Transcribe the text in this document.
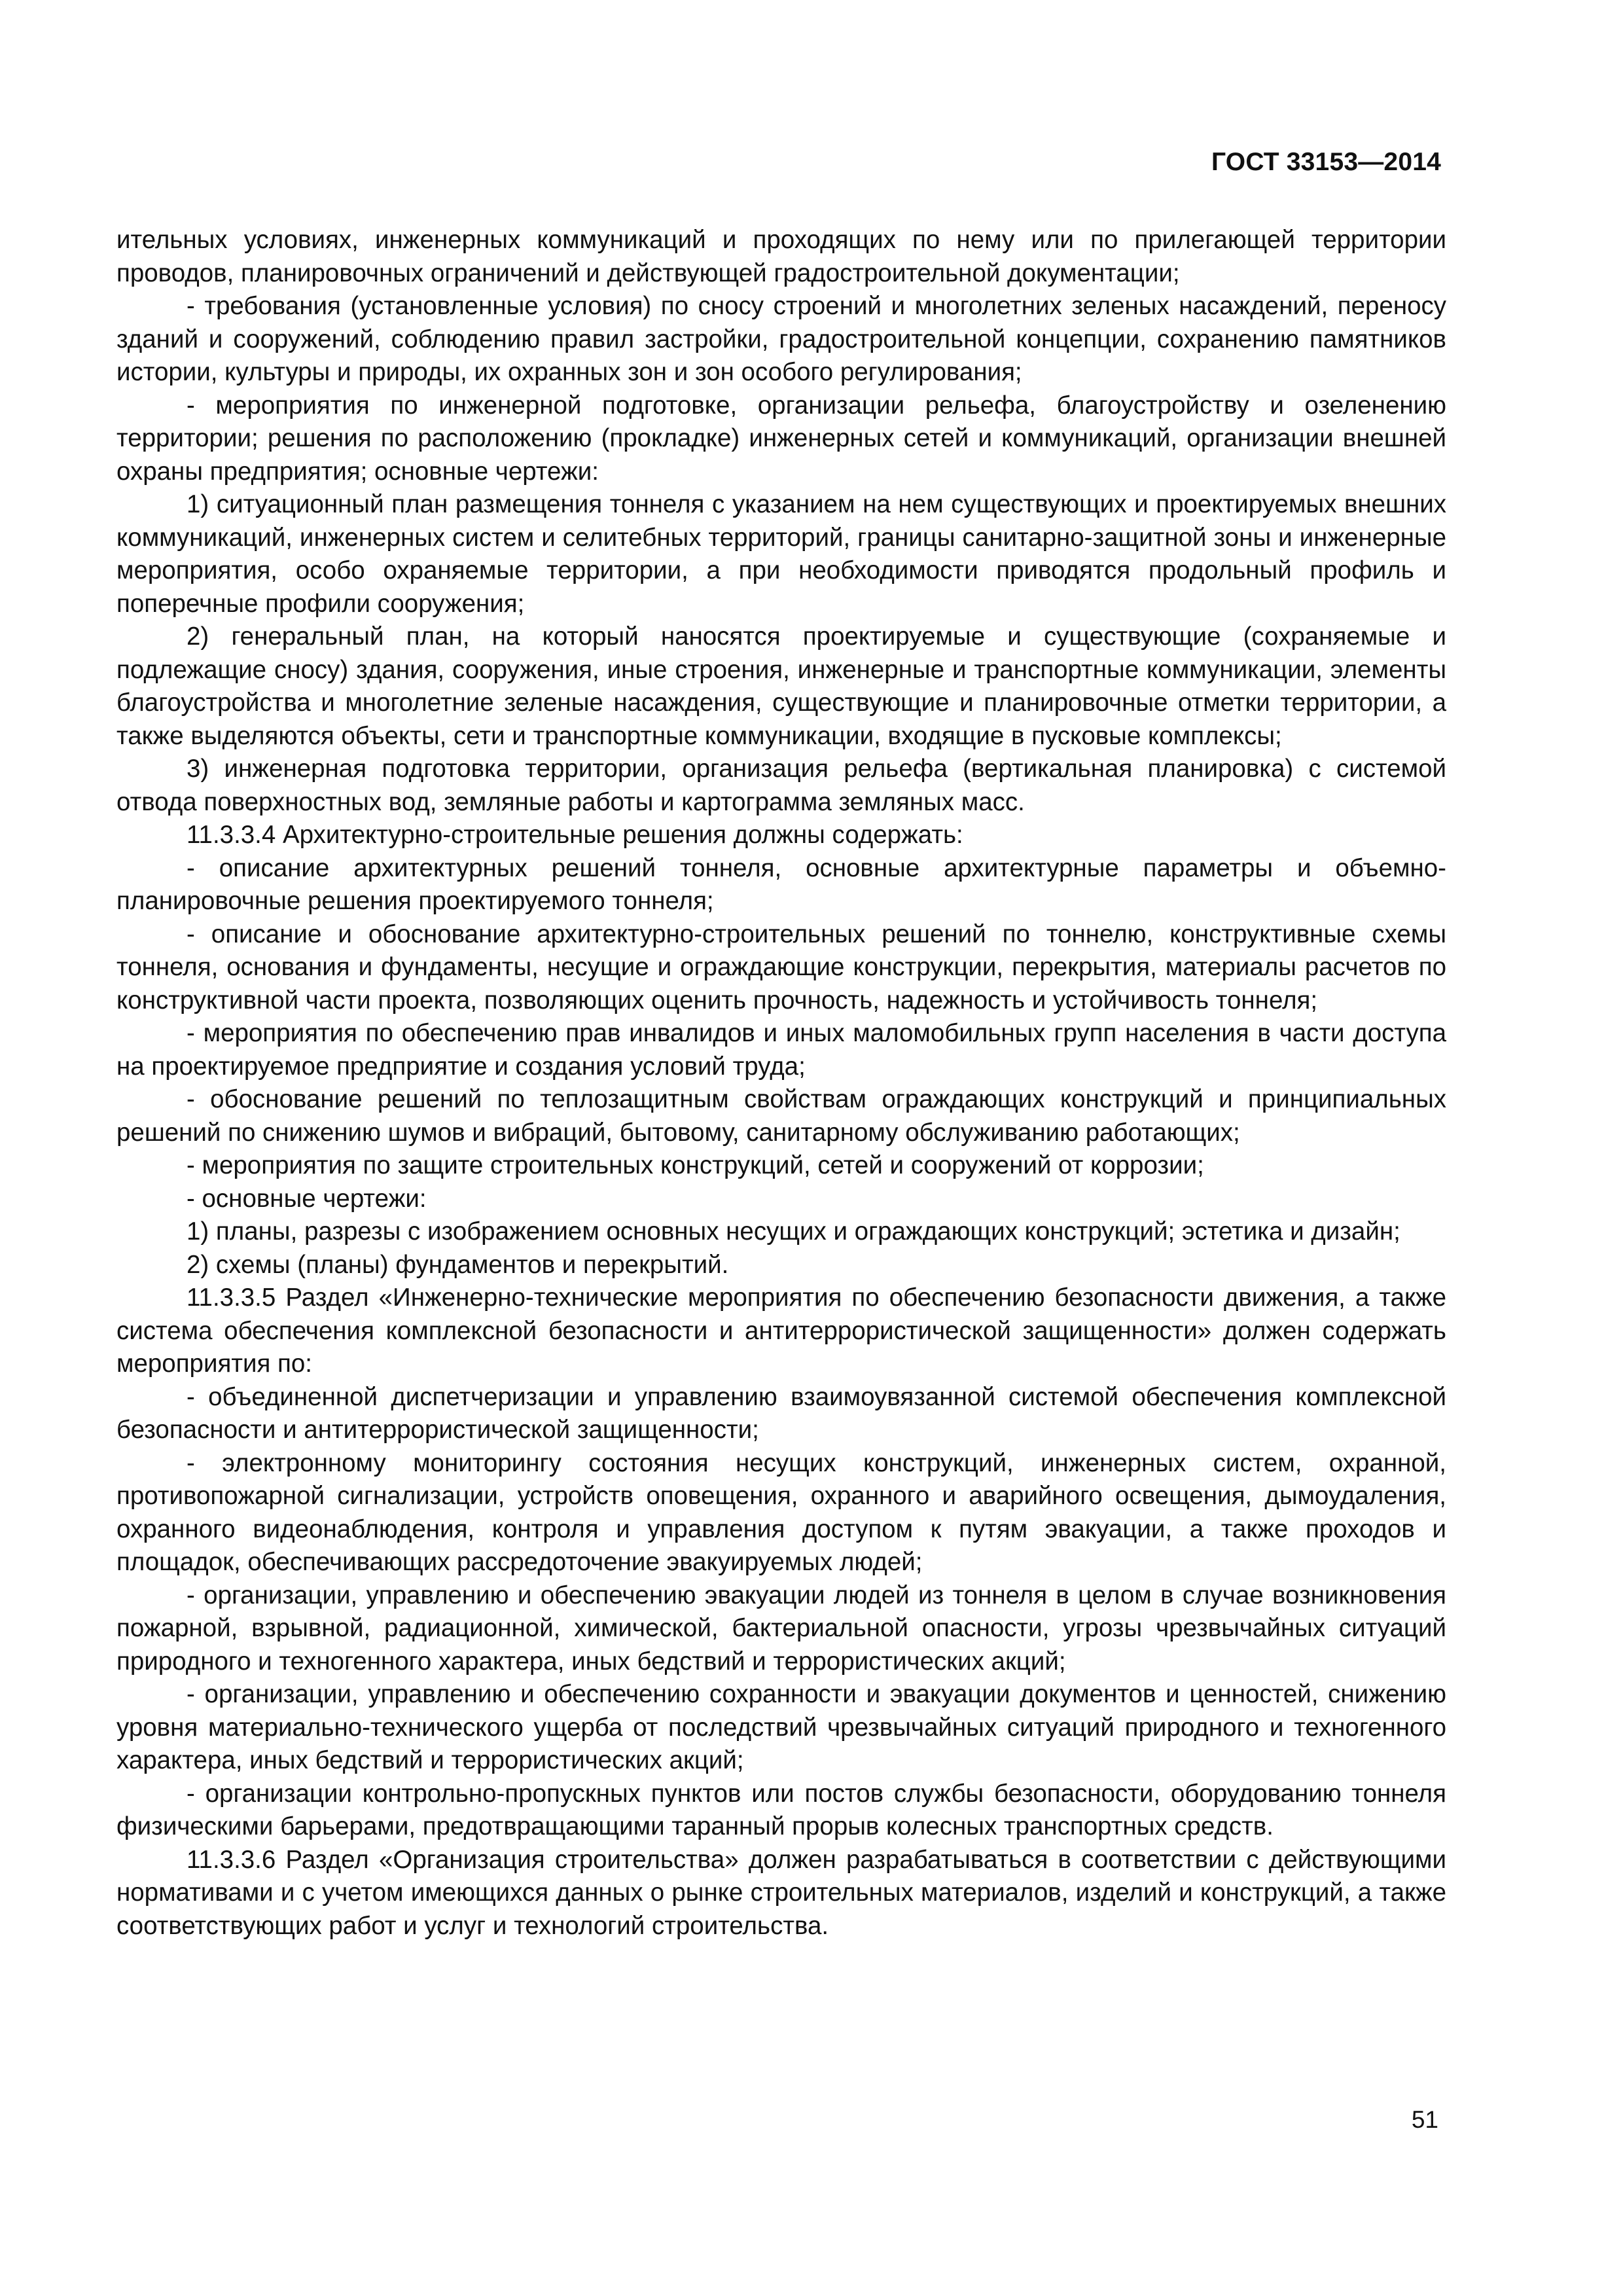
ГОСТ 33153—2014

ительных условиях, инженерных коммуникаций и проходящих по нему или по прилегающей территории проводов, планировочных ограничений и действующей градостроительной документации;

- требования (установленные условия) по сносу строений и многолетних зеленых насаждений, переносу зданий и сооружений, соблюдению правил застройки, градостроительной концепции, сохранению памятников истории, культуры и природы, их охранных зон и зон особого регулирования;

- мероприятия по инженерной подготовке, организации рельефа, благоустройству и озеленению территории; решения по расположению (прокладке) инженерных сетей и коммуникаций, организации внешней охраны предприятия; основные чертежи:

1) ситуационный план размещения тоннеля с указанием на нем существующих и проектируемых внешних коммуникаций, инженерных систем и селитебных территорий, границы санитарно-защитной зоны и инженерные мероприятия, особо охраняемые территории, а при необходимости приводятся продольный профиль и поперечные профили сооружения;

2) генеральный план, на который наносятся проектируемые и существующие (сохраняемые и подлежащие сносу) здания, сооружения, иные строения, инженерные и транспортные коммуникации, элементы благоустройства и многолетние зеленые насаждения, существующие и планировочные отметки территории, а также выделяются объекты, сети и транспортные коммуникации, входящие в пусковые комплексы;

3) инженерная подготовка территории, организация рельефа (вертикальная планировка) с системой отвода поверхностных вод, земляные работы и картограмма земляных масс.

11.3.3.4 Архитектурно-строительные решения должны содержать:

- описание архитектурных решений тоннеля, основные архитектурные параметры и объемно-планировочные решения проектируемого тоннеля;

- описание и обоснование архитектурно-строительных решений по тоннелю, конструктивные схемы тоннеля, основания и фундаменты, несущие и ограждающие конструкции, перекрытия, материалы расчетов по конструктивной части проекта, позволяющих оценить прочность, надежность и устойчивость тоннеля;

- мероприятия по обеспечению прав инвалидов и иных маломобильных групп населения в части доступа на проектируемое предприятие и создания условий труда;

- обоснование решений по теплозащитным свойствам ограждающих конструкций и принципиальных решений по снижению шумов и вибраций, бытовому, санитарному обслуживанию работающих;

- мероприятия по защите строительных конструкций, сетей и сооружений от коррозии;

- основные чертежи:

1) планы, разрезы с изображением основных несущих и ограждающих конструкций; эстетика и дизайн;

2) схемы (планы) фундаментов и перекрытий.

11.3.3.5 Раздел «Инженерно-технические мероприятия по обеспечению безопасности движения, а также система обеспечения комплексной безопасности и антитеррористической защищенности» должен содержать мероприятия по:

- объединенной диспетчеризации и управлению взаимоувязанной системой обеспечения комплексной безопасности и антитеррористической защищенности;

- электронному мониторингу состояния несущих конструкций, инженерных систем, охранной, противопожарной сигнализации, устройств оповещения, охранного и аварийного освещения, дымоудаления, охранного видеонаблюдения, контроля и управления доступом к путям эвакуации, а также проходов и площадок, обеспечивающих рассредоточение эвакуируемых людей;

- организации, управлению и обеспечению эвакуации людей из тоннеля в целом в случае возникновения пожарной, взрывной, радиационной, химической, бактериальной опасности, угрозы чрезвычайных ситуаций природного и техногенного характера, иных бедствий и террористических акций;

- организации, управлению и обеспечению сохранности и эвакуации документов и ценностей, снижению уровня материально-технического ущерба от последствий чрезвычайных ситуаций природного и техногенного характера, иных бедствий и террористических акций;

- организации контрольно-пропускных пунктов или постов службы безопасности, оборудованию тоннеля физическими барьерами, предотвращающими таранный прорыв колесных транспортных средств.

11.3.3.6 Раздел «Организация строительства» должен разрабатываться в соответствии с действующими нормативами и с учетом имеющихся данных о рынке строительных материалов, изделий и конструкций, а также соответствующих работ и услуг и технологий строительства.

51
